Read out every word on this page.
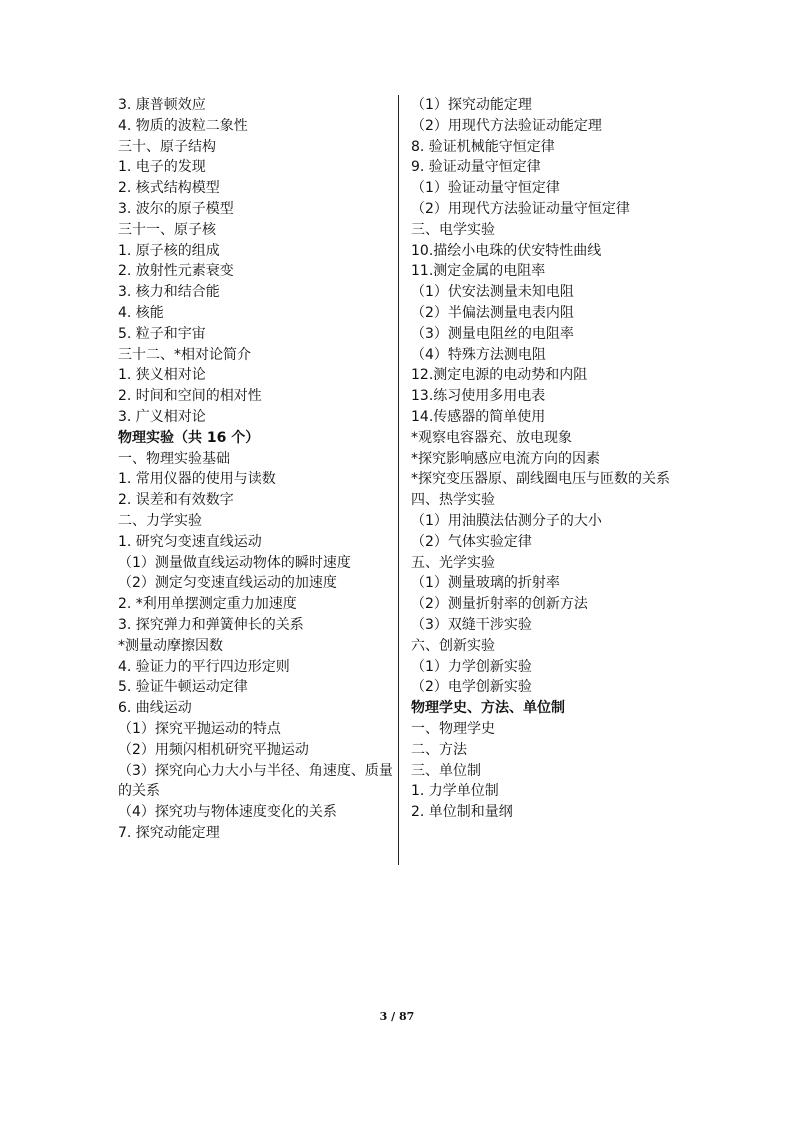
3. 康普顿效应
4. 物质的波粒二象性
三十、原子结构
1. 电子的发现
2. 核式结构模型
3. 波尔的原子模型
三十一、原子核
1. 原子核的组成
2. 放射性元素衰变
3. 核力和结合能
4. 核能
5. 粒子和宇宙
三十二、*相对论简介
1. 狭义相对论
2. 时间和空间的相对性
3. 广义相对论
物理实验（共 16 个）
一、物理实验基础
1. 常用仪器的使用与读数
2. 误差和有效数字
二、力学实验
1. 研究匀变速直线运动
（1）测量做直线运动物体的瞬时速度
（2）测定匀变速直线运动的加速度
2. *利用单摆测定重力加速度
3. 探究弹力和弹簧伸长的关系
*测量动摩擦因数
4. 验证力的平行四边形定则
5. 验证牛顿运动定律
6. 曲线运动
（1）探究平抛运动的特点
（2）用频闪相机研究平抛运动
（3）探究向心力大小与半径、角速度、质量的关系
（4）探究功与物体速度变化的关系
7. 探究动能定理
（1）探究动能定理
（2）用现代方法验证动能定理
8. 验证机械能守恒定律
9. 验证动量守恒定律
（1）验证动量守恒定律
（2）用现代方法验证动量守恒定律
三、电学实验
10.描绘小电珠的伏安特性曲线
11.测定金属的电阻率
（1）伏安法测量未知电阻
（2）半偏法测量电表内阻
（3）测量电阻丝的电阻率
（4）特殊方法测电阻
12.测定电源的电动势和内阻
13.练习使用多用电表
14.传感器的简单使用
*观察电容器充、放电现象
*探究影响感应电流方向的因素
*探究变压器原、副线圈电压与匝数的关系
四、热学实验
（1）用油膜法估测分子的大小
（2）气体实验定律
五、光学实验
（1）测量玻璃的折射率
（2）测量折射率的创新方法
（3）双缝干涉实验
六、创新实验
（1）力学创新实验
（2）电学创新实验
物理学史、方法、单位制
一、物理学史
二、方法
三、单位制
1. 力学单位制
2. 单位制和量纲
3 / 87
